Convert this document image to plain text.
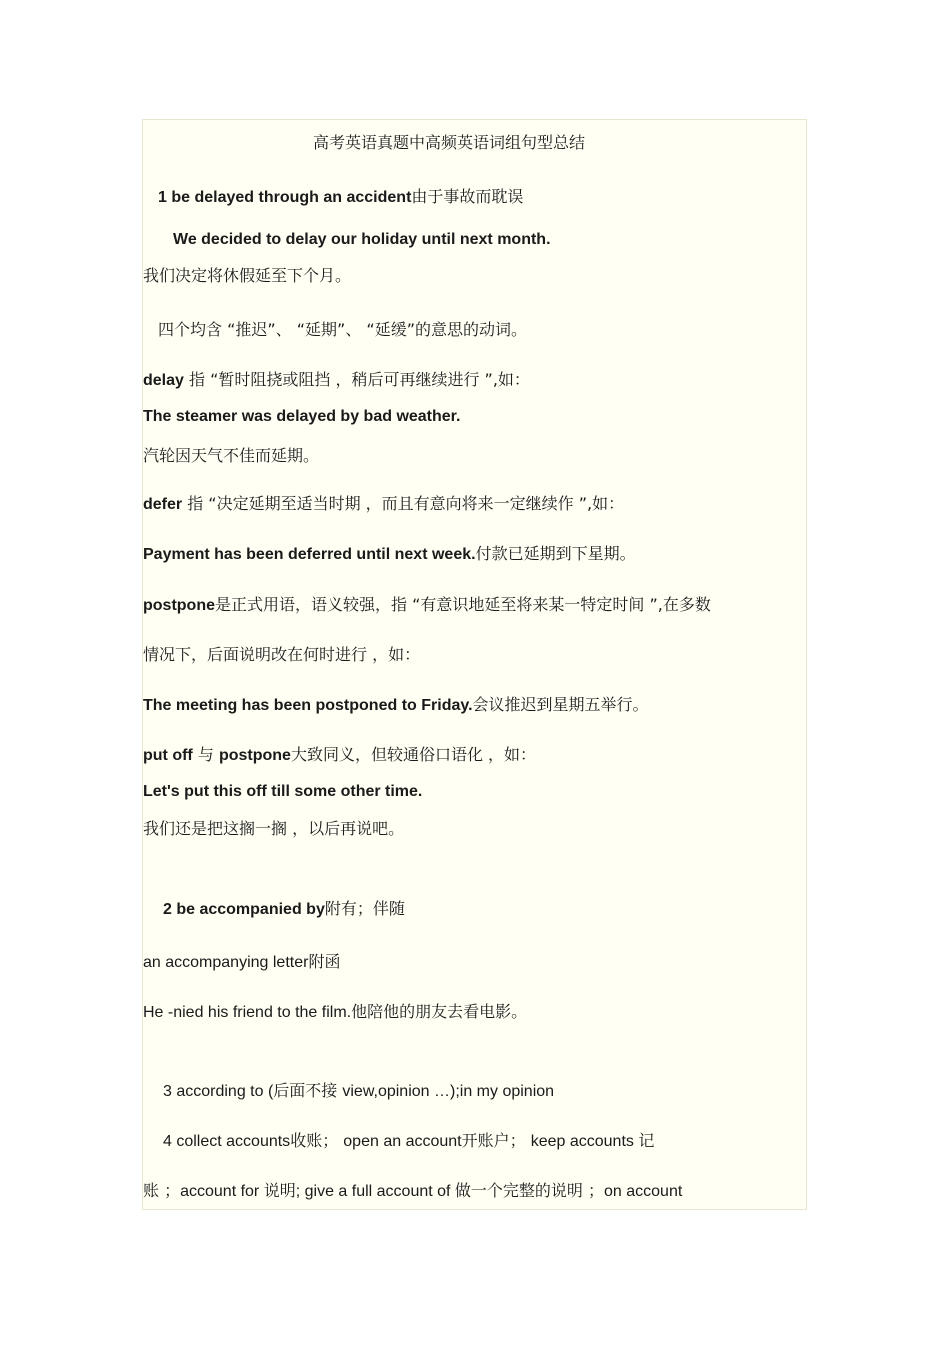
高考英语真题中高频英语词组句型总结
1 be delayed through an accident由于事故而耽误
We decided to delay our holiday until next month.
我们决定将休假延至下个月。
四个均含 “推迟”、 “延期”、 “延缓”的意思的动词。
delay 指 “暂时阻挠或阻挡 ，稍后可再继续进行 ”,如：
The steamer was delayed by bad weather.
汽轮因天气不佳而延期。
defer 指 “决定延期至适当时期 ，而且有意向将来一定继续作 ”,如：
Payment has been deferred until next week.付款已延期到下星期。
postpone是正式用语，语义较强，指 “有意识地延至将来某一特定时间 ”,在多数
情况下，后面说明改在何时进行 ，如：
The meeting has been postponed to Friday.会议推迟到星期五举行。
put off 与 postpone大致同义，但较通俗口语化 ，如：
Let's put this off till some other time.
我们还是把这搁一搁 ，以后再说吧。
2 be accompanied by附有；伴随
an accompanying letter附函
He -nied his friend to the film.他陪他的朋友去看电影。
3 according to (后面不接 view,opinion …);in my opinion
4 collect accounts收账； open an account开账户； keep accounts 记
账 ；account for 说明; give a full account of 做一个完整的说明 ；on account
